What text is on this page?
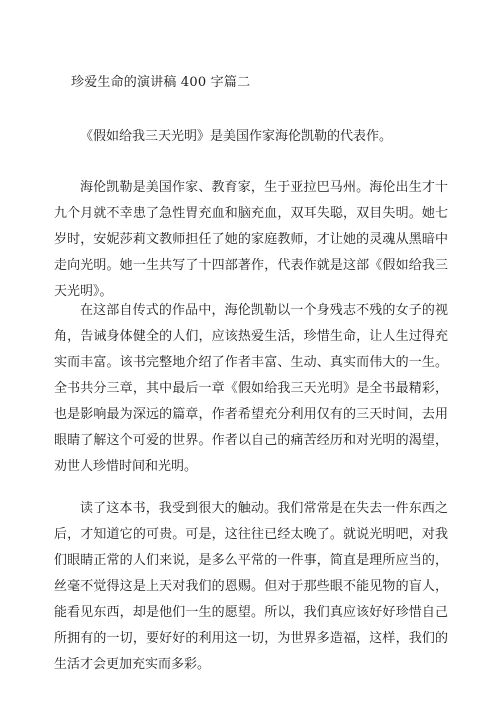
珍爱生命的演讲稿 400 字篇二

《假如给我三天光明》是美国作家海伦凯勒的代表作。

海伦凯勒是美国作家、教育家，生于亚拉巴马州。海伦出生才十九个月就不幸患了急性胃充血和脑充血，双耳失聪，双目失明。她七岁时，安妮莎莉文教师担任了她的家庭教师，才让她的灵魂从黑暗中走向光明。她一生共写了十四部著作，代表作就是这部《假如给我三天光明》。

在这部自传式的作品中，海伦凯勒以一个身残志不残的女子的视角，告诫身体健全的人们，应该热爱生活，珍惜生命，让人生过得充实而丰富。该书完整地介绍了作者丰富、生动、真实而伟大的一生。全书共分三章，其中最后一章《假如给我三天光明》是全书最精彩，也是影响最为深远的篇章，作者希望充分利用仅有的三天时间，去用眼睛了解这个可爱的世界。作者以自己的痛苦经历和对光明的渴望，劝世人珍惜时间和光明。

读了这本书，我受到很大的触动。我们常常是在失去一件东西之后，才知道它的可贵。可是，这往往已经太晚了。就说光明吧，对我们眼睛正常的人们来说，是多么平常的一件事，简直是理所应当的，丝毫不觉得这是上天对我们的恩赐。但对于那些眼不能见物的盲人，能看见东西，却是他们一生的愿望。所以，我们真应该好好珍惜自己所拥有的一切，要好好的利用这一切，为世界多造福，这样，我们的生活才会更加充实而多彩。
